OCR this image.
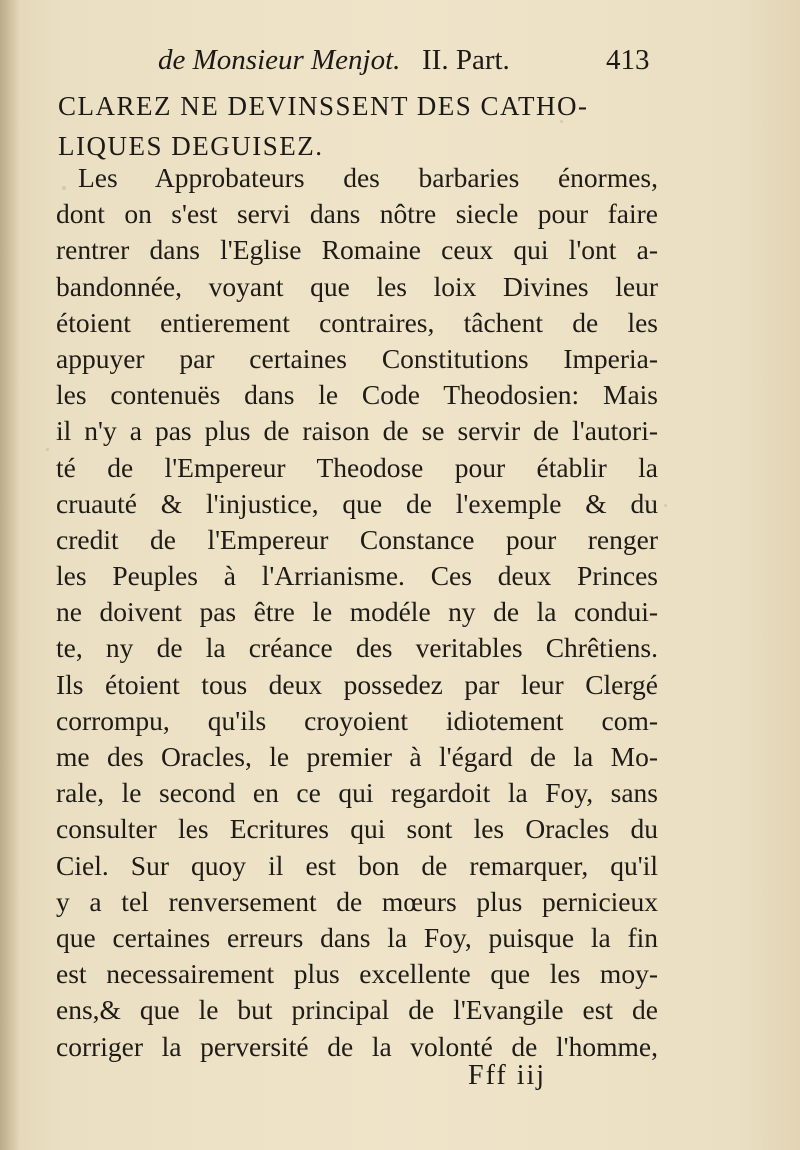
de Monsieur Menjot. II. Part.	413
CLAREZ NE DEVINSSENT DES CATHO-
LIQUES DEGUISEZ.
Les Approbateurs des barbaries énormes,
dont on s'est servi dans nôtre siecle pour faire
rentrer dans l'Eglise Romaine ceux qui l'ont a-
bandonnée, voyant que les loix Divines leur
étoient entierement contraires, tâchent de les
appuyer par certaines Constitutions Imperia-
les contenuës dans le Code Theodosien: Mais
il n'y a pas plus de raison de se servir de l'autori-
té de l'Empereur Theodose pour établir la
cruauté & l'injustice, que de l'exemple & du
credit de l'Empereur Constance pour renger
les Peuples à l'Arrianisme. Ces deux Princes
ne doivent pas être le modéle ny de la condui-
te, ny de la créance des veritables Chrêtiens.
Ils étoient tous deux possedez par leur Clergé
corrompu, qu'ils croyoient idiotement com-
me des Oracles, le premier à l'égard de la Mo-
rale, le second en ce qui regardoit la Foy, sans
consulter les Ecritures qui sont les Oracles du
Ciel. Sur quoy il est bon de remarquer, qu'il
y a tel renversement de mœurs plus pernicieux
que certaines erreurs dans la Foy, puisque la fin
est necessairement plus excellente que les moy-
ens,& que le but principal de l'Evangile est de
corriger la perversité de la volonté de l'homme,
Fff iij
